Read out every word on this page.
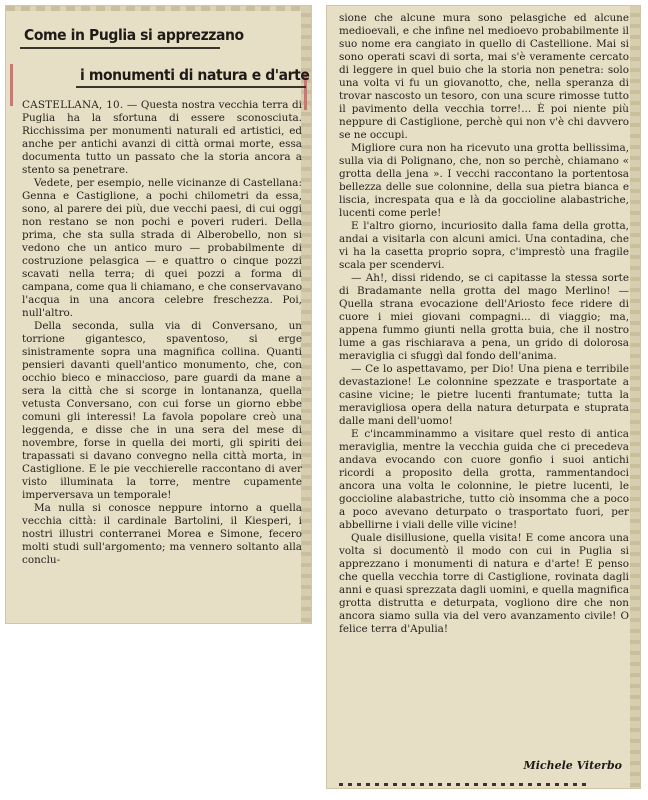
Come in Puglia si apprezzano
i monumenti di natura e d'arte

CASTELLANA, 10. — Questa nostra vecchia terra di Puglia ha la sfortuna di essere sconosciuta. Ricchissima per monumenti naturali ed artistici, ed anche per antichi avanzi di città ormai morte, essa documenta tutto un passato che la storia ancora a stento sa penetrare.

Vedete, per esempio, nelle vicinanze di Castellana: Genna e Castiglione, a pochi chilometri da essa, sono, al parere dei più, due vecchi paesi, di cui oggi non restano se non pochi e poveri ruderi. Della prima, che sta sulla strada di Alberobello, non si vedono che un antico muro — probabilmente di costruzione pelasgica — e quattro o cinque pozzi scavati nella terra; di quei pozzi a forma di campana, come qua li chiamano, e che conservavano l'acqua in una ancora celebre freschezza. Poi, null'altro.

Della seconda, sulla via di Conversano, un torrione gigantesco, spaventoso, si erge sinistramente sopra una magnifica collina. Quanti pensieri davanti quell'antico monumento, che, con occhio bieco e minaccioso, pare guardi da mane a sera la città che si scorge in lontananza, quella vetusta Conversano, con cui forse un giorno ebbe comuni gli interessi! La favola popolare creò una leggenda, e disse che in una sera del mese di novembre, forse in quella dei morti, gli spiriti dei trapassati si davano convegno nella città morta, in Castiglione. E le pie vecchierelle raccontano di aver visto illuminata la torre, mentre cupamente imperversava un temporale!

Ma nulla si conosce neppure intorno a quella vecchia città: il cardinale Bartolini, il Kiesperi, i nostri illustri conterranei Morea e Simone, fecero molti studi sull'argomento; ma vennero soltanto alla conclu-

sione che alcune mura sono pelasgiche ed alcune medioevali, e che infine nel medioevo probabilmente il suo nome era cangiato in quello di Castellione. Mai si sono operati scavi di sorta, mai s'è veramente cercato di leggere in quel buio che la storia non penetra: solo una volta vi fu un giovanotto, che, nella speranza di trovar nascosto un tesoro, con una scure rimosse tutto il pavimento della vecchia torre!... È poi niente più neppure di Castiglione, perchè qui non v'è chi davvero se ne occupi.

Migliore cura non ha ricevuto una grotta bellissima, sulla via di Polignano, che, non so perchè, chiamano « grotta della jena ». I vecchi raccontano la portentosa bellezza delle sue colonnine, della sua pietra bianca e liscia, increspata qua e là da goccioline alabastriche, lucenti come perle!

E l'altro giorno, incuriosito dalla fama della grotta, andai a visitarla con alcuni amici. Una contadina, che vi ha la casetta proprio sopra, c'imprestò una fragile scala per scendervi.

— Ah!, dissi ridendo, se ci capitasse la stessa sorte di Bradamante nella grotta del mago Merlino! — Quella strana evocazione dell'Ariosto fece ridere di cuore i miei giovani compagni... di viaggio; ma, appena fummo giunti nella grotta buia, che il nostro lume a gas rischiarava a pena, un grido di dolorosa meraviglia ci sfuggì dal fondo dell'anima.

— Ce lo aspettavamo, per Dio! Una piena e terribile devastazione! Le colonnine spezzate e trasportate a casine vicine; le pietre lucenti frantumate; tutta la meravigliosa opera della natura deturpata e stuprata dalle mani dell'uomo!

E c'incamminammo a visitare quel resto di antica meraviglia, mentre la vecchia guida che ci precedeva andava evocando con cuore gonfio i suoi antichi ricordi a proposito della grotta, rammentandoci ancora una volta le colonnine, le pietre lucenti, le goccioline alabastriche, tutto ciò insomma che a poco a poco avevano deturpato o trasportato fuori, per abbellirne i viali delle ville vicine!

Quale disillusione, quella visita! E come ancora una volta si documentò il modo con cui in Puglia si apprezzano i monumenti di natura e d'arte! E penso che quella vecchia torre di Castiglione, rovinata dagli anni e quasi sprezzata dagli uomini, e quella magnifica grotta distrutta e deturpata, vogliono dire che non ancora siamo sulla via del vero avanzamento civile! O felice terra d'Apulia!

Michele Viterbo
